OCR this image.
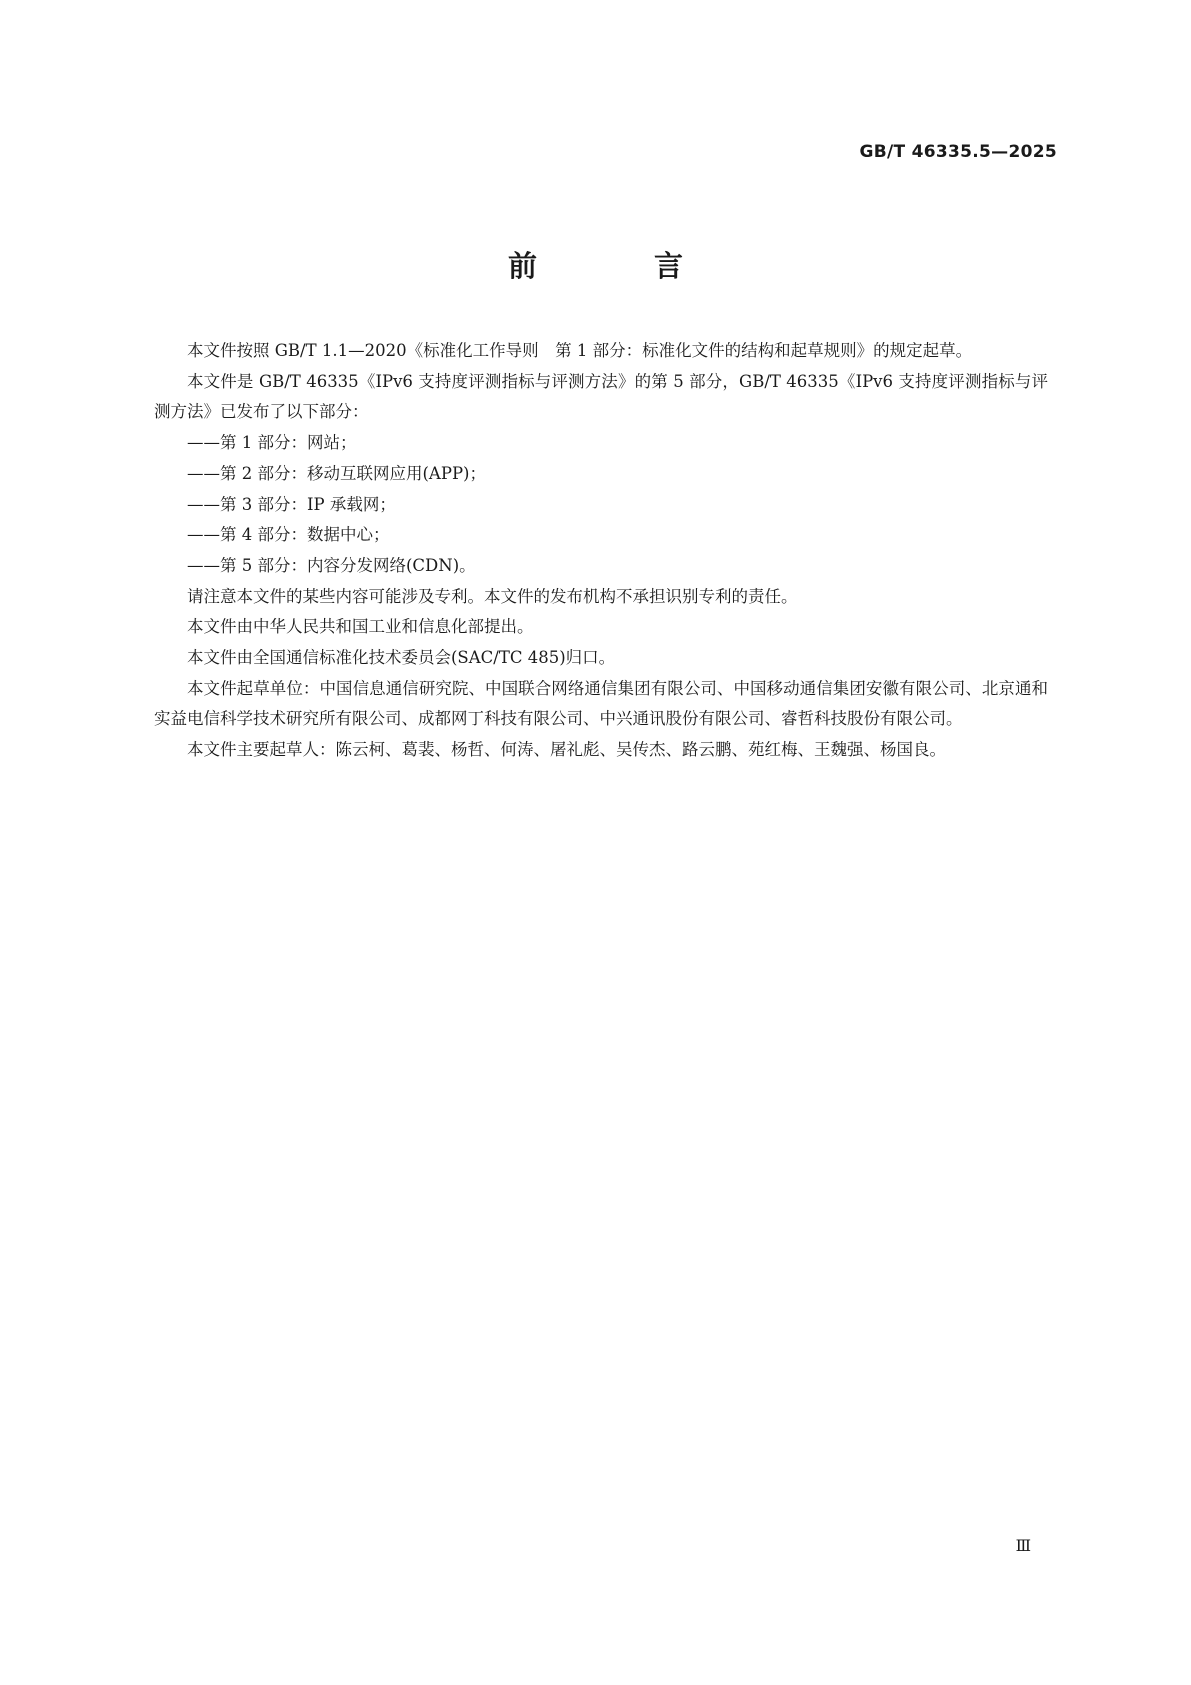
GB/T 46335.5—2025
前　言

本文件按照 GB/T 1.1—2020《标准化工作导则　第 1 部分：标准化文件的结构和起草规则》的规定起草。

本文件是 GB/T 46335《IPv6 支持度评测指标与评测方法》的第 5 部分，GB/T 46335《IPv6 支持度评测指标与评测方法》已发布了以下部分：

——第 1 部分：网站；

——第 2 部分：移动互联网应用(APP)；

——第 3 部分：IP 承载网；

——第 4 部分：数据中心；

——第 5 部分：内容分发网络(CDN)。

请注意本文件的某些内容可能涉及专利。本文件的发布机构不承担识别专利的责任。

本文件由中华人民共和国工业和信息化部提出。

本文件由全国通信标准化技术委员会(SAC/TC 485)归口。

本文件起草单位：中国信息通信研究院、中国联合网络通信集团有限公司、中国移动通信集团安徽有限公司、北京通和实益电信科学技术研究所有限公司、成都网丁科技有限公司、中兴通讯股份有限公司、睿哲科技股份有限公司。

本文件主要起草人：陈云柯、葛裴、杨哲、何涛、屠礼彪、吴传杰、路云鹏、苑红梅、王魏强、杨国良。

Ⅲ
